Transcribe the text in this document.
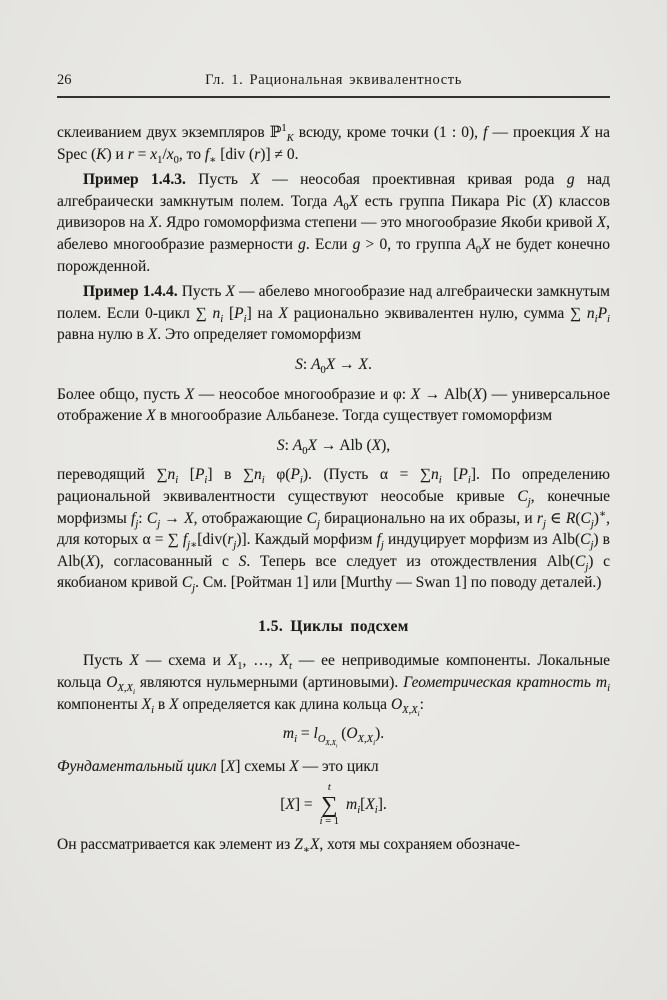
26	Гл. 1. Рациональная эквивалентность

склеиванием двух экземпляров ℙ$^1_K$ всюду, кроме точки (1 : 0), f — проекция X на Spec (K) и $r = x_1/x_0$, то $f_∗$ [div (r)] ≠ 0.

Пример 1.4.3. Пусть X — неособая проективная кривая рода g над алгебраически замкнутым полем. Тогда $A_0X$ есть группа Пикара Pic (X) классов дивизоров на X. Ядро гомоморфизма степени — это многообразие Якоби кривой X, абелево многообразие размерности g. Если g > 0, то группа $A_0X$ не будет конечно порожденной.

Пример 1.4.4. Пусть X — абелево многообразие над алгебраически замкнутым полем. Если 0-цикл ∑ $n_i$ $[P_i]$ на X рационально эквивалентен нулю, сумма ∑ $n_iP_i$ равна нулю в X. Это определяет гомоморфизм

S: $A_0X \to X$.

Более общо, пусть X — неособое многообразие и φ: X → Alb(X) — универсальное отображение X в многообразие Альбанезе. Тогда существует гомоморфизм

S: $A_0X$ → Alb (X),

переводящий $\sum n_i$ $[P_i]$ в $\sum n_i$ $\varphi(P_i)$. (Пусть $\alpha = \sum n_i$ $[P_i]$. По определению рациональной эквивалентности существуют неособые кривые $C_j$, конечные морфизмы $f_j$: $C_j \to X$, отображающие $C_j$ бирационально на их образы, и $r_j$ ∈ $R(C_j)^∗$, для которых α = ∑ $f_{j∗}[div(r_j)]$. Каждый морфизм $f_j$ индуцирует морфизм из $Alb(C_j)$ в Alb(X), согласованный с S. Теперь все следует из отождествления $Alb(C_j)$ с якобианом кривой $C_j$. См. [Ройтман 1] или [Murthy — Swan 1] по поводу деталей.)

1.5. Циклы подсхем

Пусть X — схема и $X_1$, …, $X_t$ — ее неприводимые компоненты. Локальные кольца $O_{X,X_i}$ являются нульмерными (артиновыми). Геометрическая кратность $m_i$ компоненты $X_i$ в X определяется как длина кольца $O_{X,X_i}$:

$m_i = l_{O_{X,X_i}}$ $(O_{X,X_i})$.

Фундаментальный цикл [X] схемы X — это цикл

[X] =
t
∑
i = 1
$m_i[X_i]$.

Он рассматривается как элемент из $Z_∗X$, хотя мы сохраняем обозначе-
